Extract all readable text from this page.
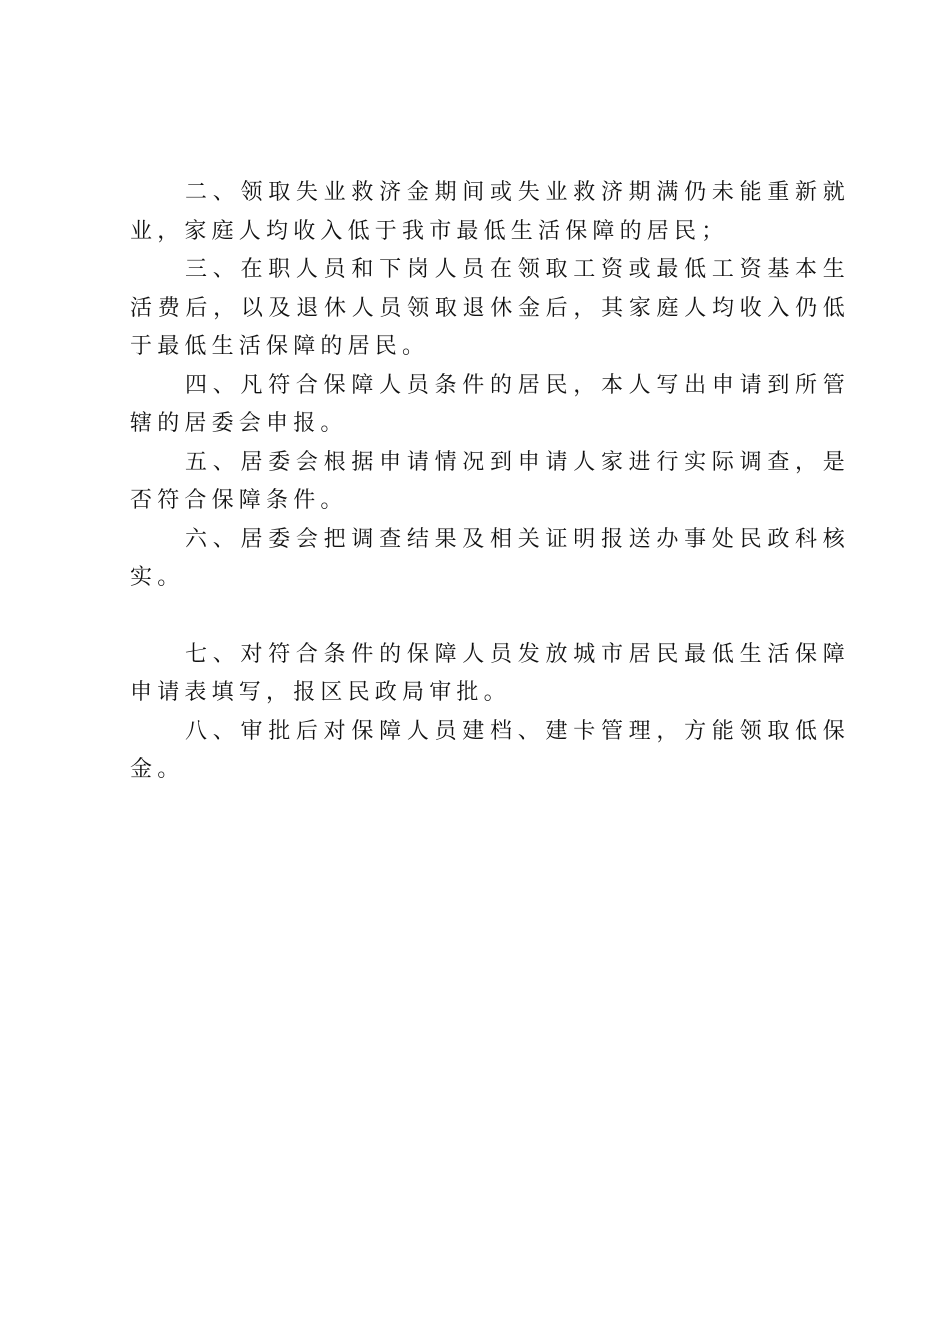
二、领取失业救济金期间或失业救济期满仍未能重新就业，家庭人均收入低于我市最低生活保障的居民；

三、在职人员和下岗人员在领取工资或最低工资基本生活费后，以及退休人员领取退休金后，其家庭人均收入仍低于最低生活保障的居民。

四、凡符合保障人员条件的居民，本人写出申请到所管辖的居委会申报。

五、居委会根据申请情况到申请人家进行实际调查，是否符合保障条件。

六、居委会把调查结果及相关证明报送办事处民政科核实。

七、对符合条件的保障人员发放城市居民最低生活保障申请表填写，报区民政局审批。

八、审批后对保障人员建档、建卡管理，方能领取低保金。
